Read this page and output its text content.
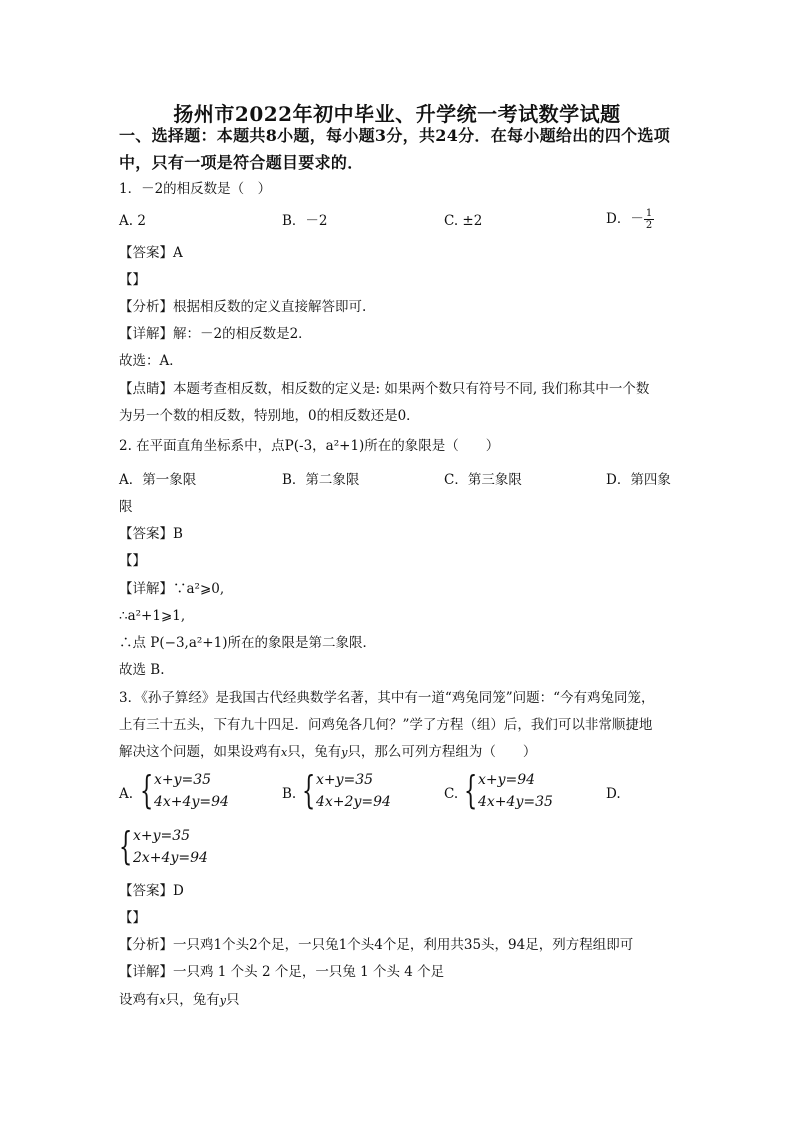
扬州市2022年初中毕业、升学统一考试数学试题
一、选择题：本题共8小题，每小题3分，共24分．在每小题给出的四个选项
中，只有一项是符合题目要求的．
1．－2的相反数是（　）
A. 2	B．－2	C. ±2	D．－ $\frac{1}{2}$
【答案】A
【】
【分析】根据相反数的定义直接解答即可.
【详解】解：－2的相反数是2．
故选：A．
【点睛】本题考查相反数，相反数的定义是: 如果两个数只有符号不同, 我们称其中一个数
为另一个数的相反数，特别地，0的相反数还是0．
2. 在平面直角坐标系中，点P(-3，a²+1)所在的象限是（　　）
A．第一象限	B．第二象限	C．第三象限	D．第四象
限
【答案】B
【】
【详解】∵a²⩾0,
∴a²+1⩾1,
∴点 P(−3,a²+1)所在的象限是第二象限．
故选 B.
3．《孙子算经》是我国古代经典数学名著，其中有一道“鸡兔同笼”问题：“今有鸡兔同笼，
上有三十五头，下有九十四足．问鸡兔各几何？”学了方程（组）后，我们可以非常顺捷地
解决这个问题，如果设鸡有x只，兔有y只，那么可列方程组为（　　）
A. { x+y=35
4x+4y=94	B. { x+y=35
4x+2y=94	C. { x+y=94
4x+4y=35	D.
{ x+y=35
2x+4y=94
【答案】D
【】
【分析】一只鸡1个头2个足，一只兔1个头4个足，利用共35头，94足，列方程组即可
【详解】一只鸡 1 个头 2 个足，一只兔 1 个头 4 个足
设鸡有x只，兔有y只
